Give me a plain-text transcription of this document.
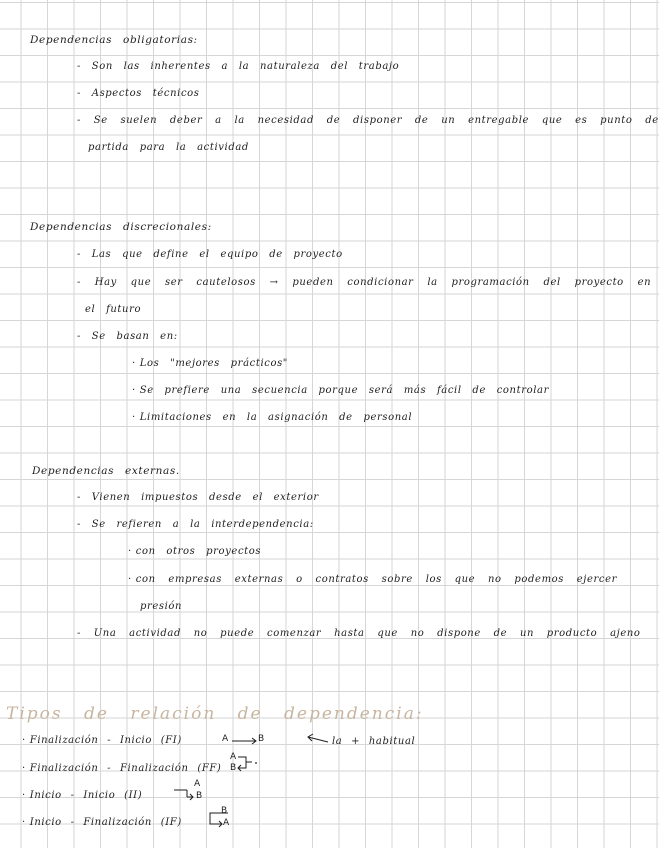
Dependencias obligatorias:
- Son las inherentes a la naturaleza del trabajo
- Aspectos técnicos
- Se suelen deber a la necesidad de disponer de un entregable que es punto de
partida para la actividad
Dependencias discrecionales:
- Las que define el equipo de proyecto
- Hay que ser cautelosos → pueden condicionar la programación del proyecto en
el futuro
- Se basan en:
· Los "mejores prácticos"
· Se prefiere una secuencia porque será más fácil de controlar
· Limitaciones en la asignación de personal
Dependencias externas.
- Vienen impuestos desde el exterior
- Se refieren a la interdependencia:
· con otros proyectos
· con empresas externas o contratos sobre los que no podemos ejercer
presión
- Una actividad no puede comenzar hasta que no dispone de un producto ajeno
Tipos de relación de dependencia:
· Finalización - Inicio (FI)
· Finalización - Finalización (FF)
· Inicio - Inicio (II)
· Inicio - Finalización (IF)
A	B	la + habitual
A
B
A
B
B
A
